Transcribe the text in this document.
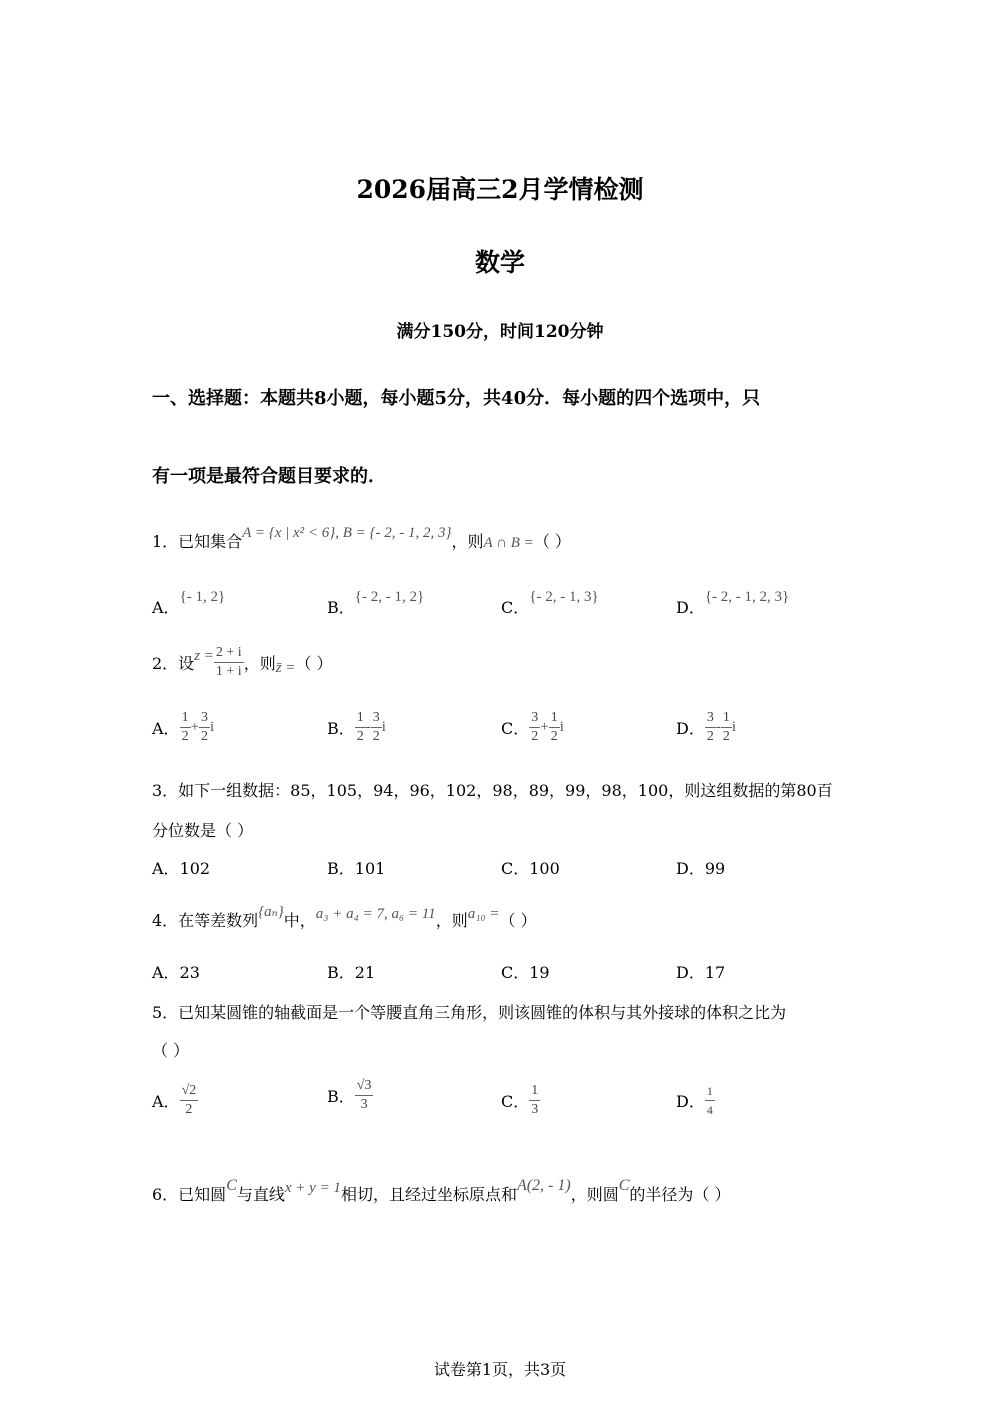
2026届高三2月学情检测
数学
满分150分，时间120分钟
一、选择题：本题共8小题，每小题5分，共40分．每小题的四个选项中，只
有一项是最符合题目要求的．
1．已知集合A = {x | x² < 6}, B = {- 2, - 1, 2, 3}，则A ∩ B =（ ）
A．{- 1, 2}
B．{- 2, - 1, 2}
C．{- 2, - 1, 3}
D．{- 2, - 1, 2, 3}
2．设$z = \frac{2 + i}{1 + i}$ ，则z̄ =（ ）
A． $\frac{1}{2} + \frac{3}{2}$ i	B． $\frac{1}{2} - \frac{3}{2}$ i	C． $\frac{3}{2} + \frac{1}{2}$ i	D． $\frac{3}{2} - \frac{1}{2}$ i
3．如下一组数据：85，105，94，96，102，98，89，99，98，100，则这组数据的第80百
分位数是（ ）
A．102	B．101	C．100	D．99
4．在等差数列{aₙ}中，a₃ + a₄ = 7, a₆ = 11，则a₁₀ =（ ）
A．23	B．21	C．19	D．17
5．已知某圆锥的轴截面是一个等腰直角三角形，则该圆锥的体积与其外接球的体积之比为
（ ）
A． $\frac{√2}{2}$	B． $\frac{√3}{3}$	C． $\frac{1}{3}$	D． $\frac{1}{4}$
6．已知圆C与直线x + y = 1相切，且经过坐标原点和A(2, - 1)，则圆C的半径为（ ）
试卷第1页，共3页
